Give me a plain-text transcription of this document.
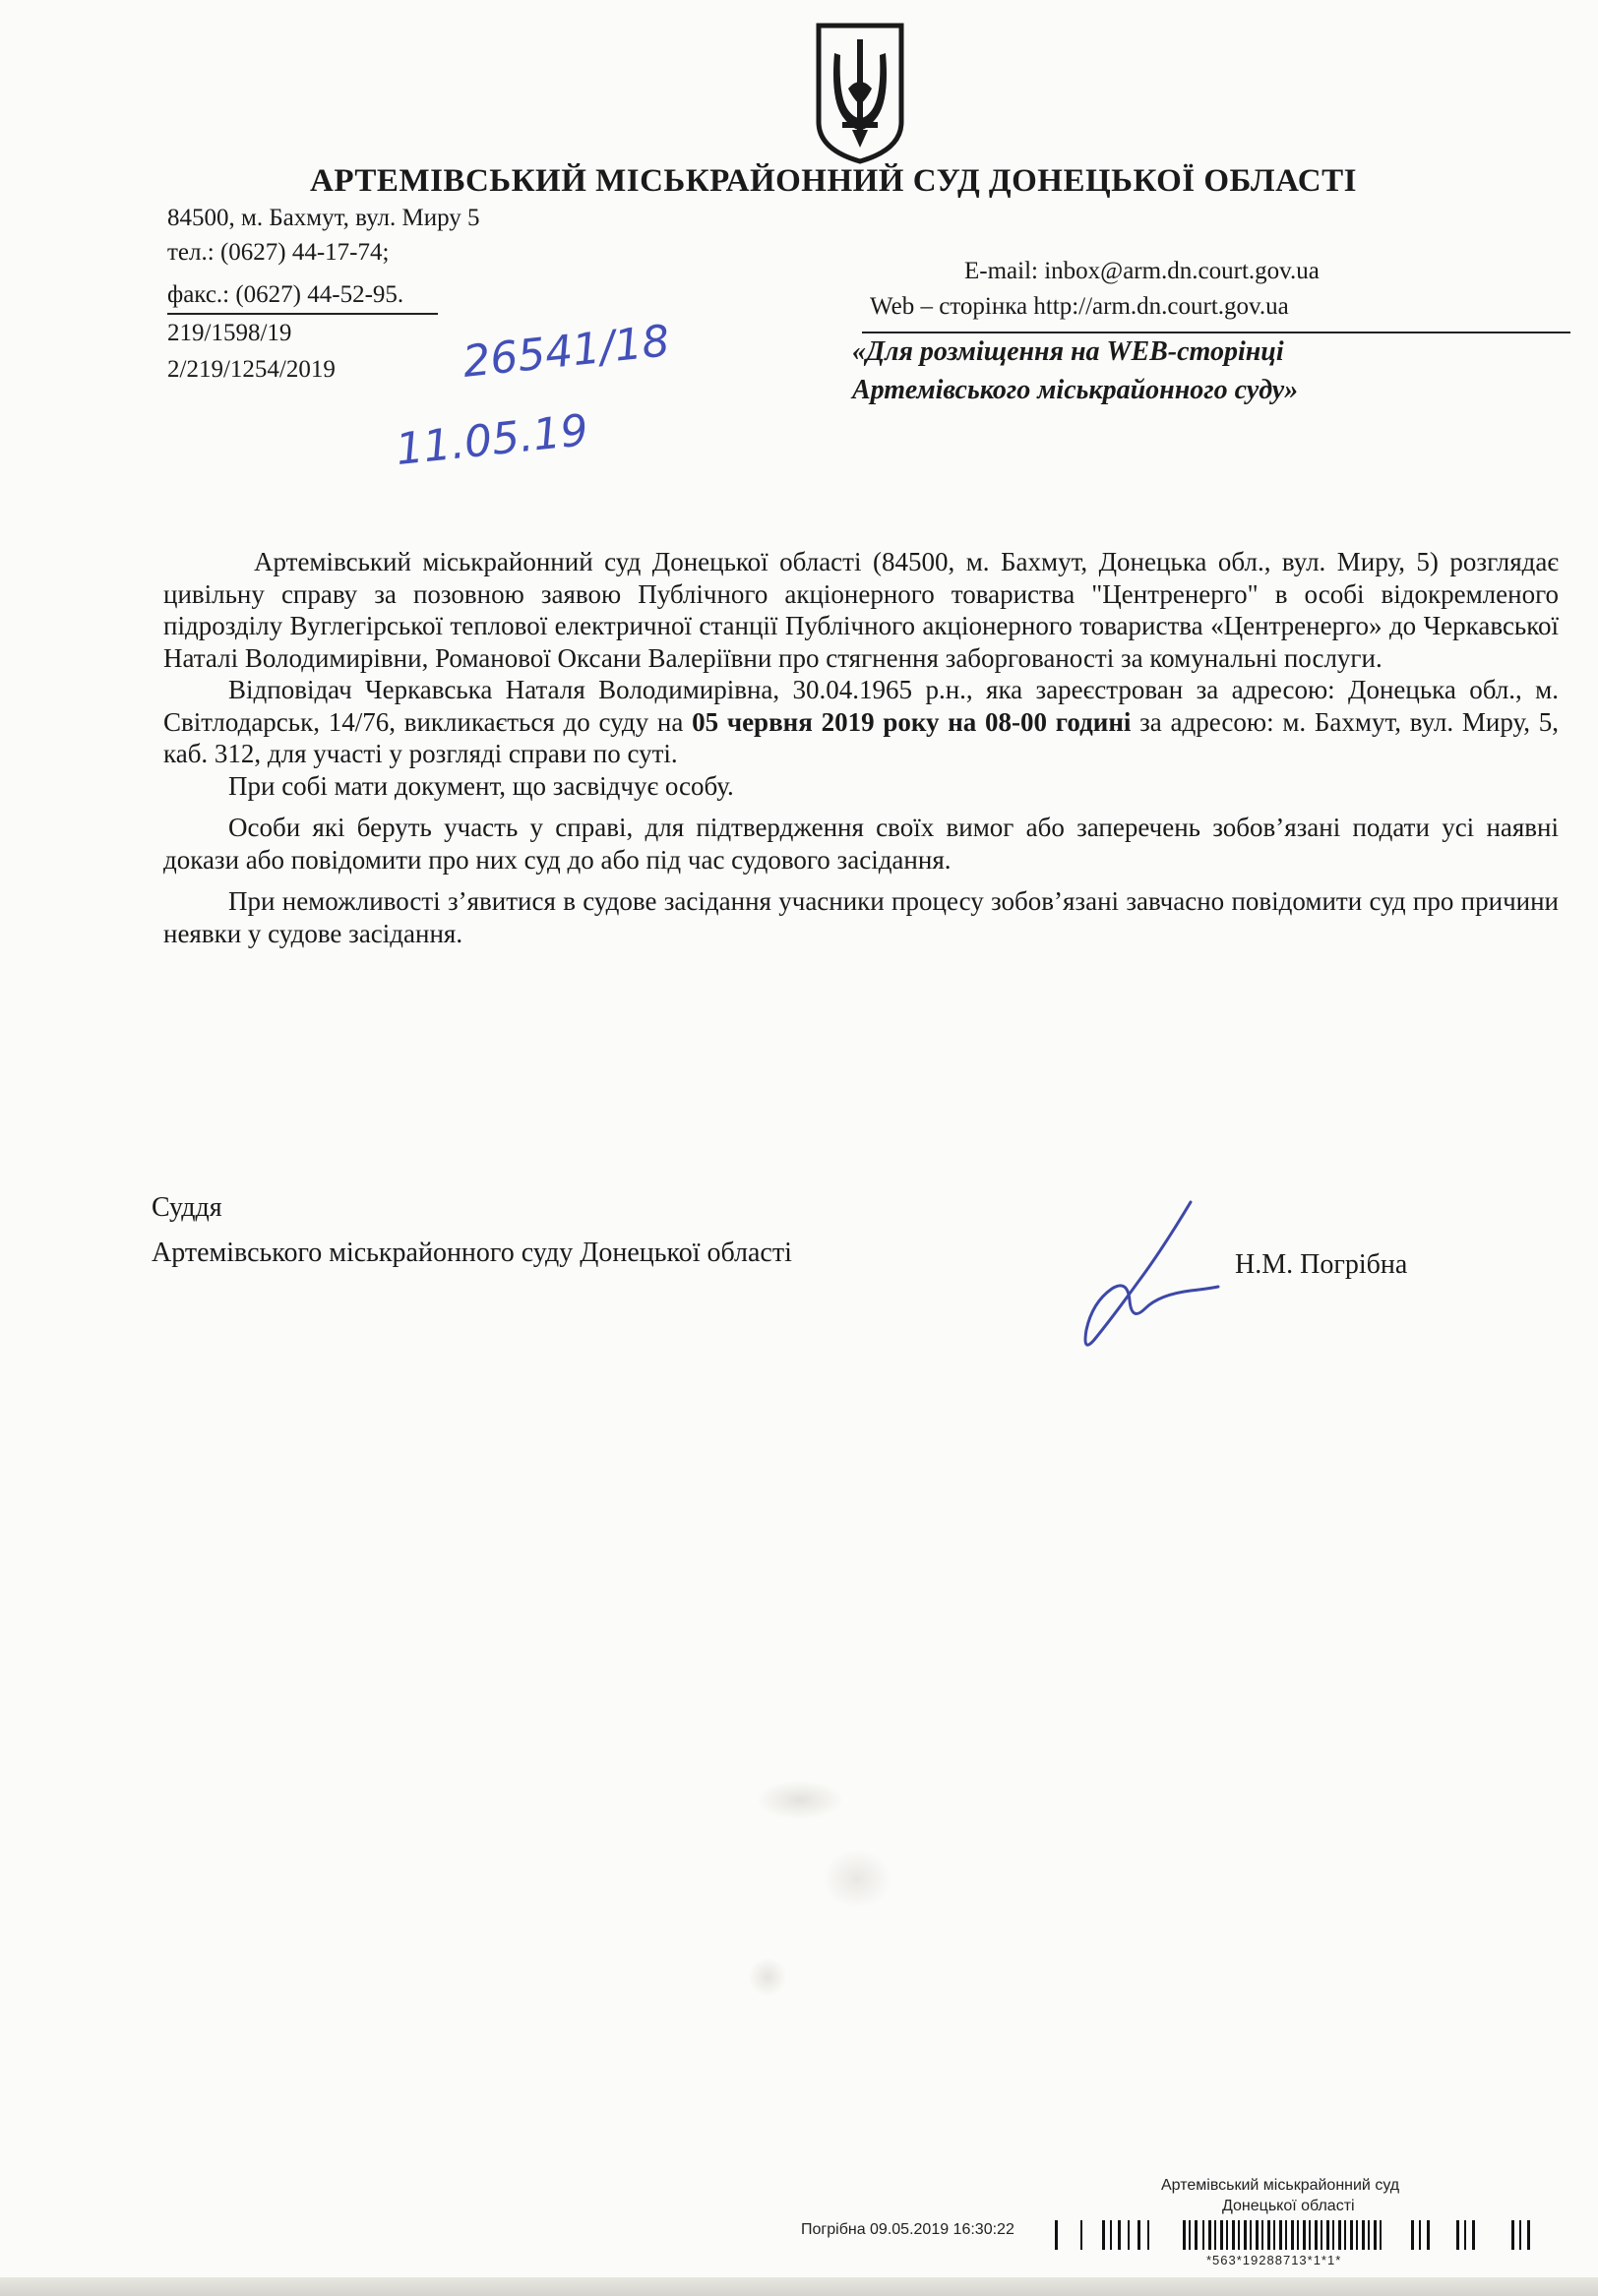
АРТЕМІВСЬКИЙ МІСЬКРАЙОННИЙ СУД ДОНЕЦЬКОЇ ОБЛАСТІ
84500, м. Бахмут, вул. Миру 5
тел.: (0627) 44-17-74;
факс.: (0627) 44-52-95.
E-mail: inbox@arm.dn.court.gov.ua
Web – сторінка http://arm.dn.court.gov.ua
219/1598/19
2/219/1254/2019
«Для розміщення на WEB-сторінці
Артемівського міськрайонного суду»
26541/18
11.05.19

Артемівський міськрайонний суд Донецької області (84500, м. Бахмут, Донецька обл., вул. Миру, 5) розглядає цивільну справу за позовною заявою Публічного акціонерного товариства "Центренерго" в особі відокремленого підрозділу Вуглегірської теплової електричної станції Публічного акціонерного товариства «Центренерго» до Черкавської Наталі Володимирівни, Романової Оксани Валеріївни про стягнення заборгованості за комунальні послуги.

Відповідач Черкавська Наталя Володимирівна, 30.04.1965 р.н., яка зареєстрован за адресою: Донецька обл., м. Світлодарськ, 14/76, викликається до суду на 05 червня 2019 року на 08-00 годині за адресою: м. Бахмут, вул. Миру, 5, каб. 312, для участі у розгляді справи по суті.

При собі мати документ, що засвідчує особу.

Особи які беруть участь у справі, для підтвердження своїх вимог або заперечень зобов’язані подати усі наявні докази або повідомити про них суд до або під час судового засідання.

При неможливості з’явитися в судове засідання учасники процесу зобов’язані завчасно повідомити суд про причини неявки у судове засідання.

Суддя
Артемівського міськрайонного суду Донецької області	Н.М. Погрібна
Артемівський міськрайонний суд
Донецької області
Погрібна 09.05.2019 16:30:22
*563*19288713*1*1*
